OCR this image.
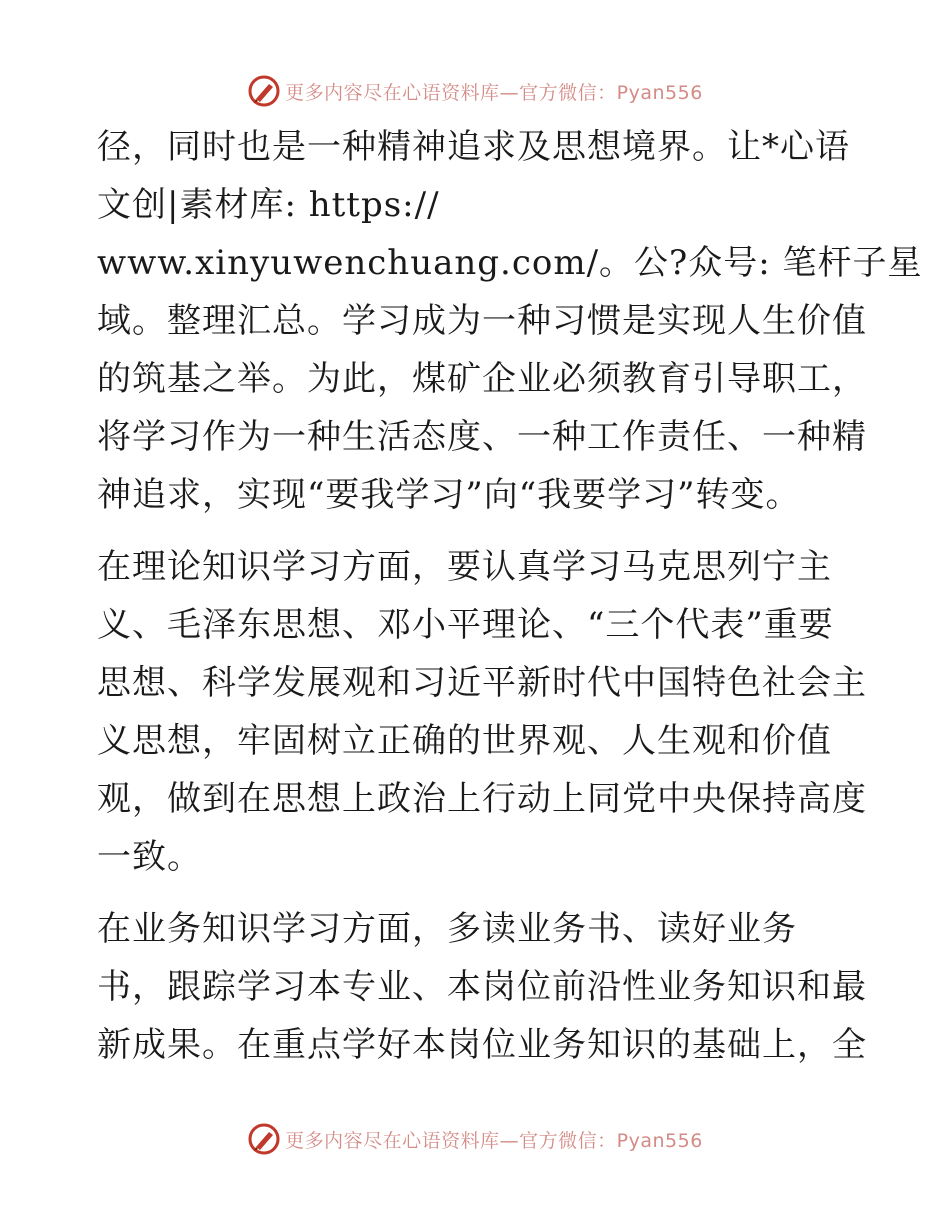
更多内容尽在心语资料库—官方微信：Pyan556
径，同时也是一种精神追求及思想境界。让*心语
文创|素材库: https://
www.xinyuwenchuang.com/。公?众号: 笔杆子星
域。整理汇总。学习成为一种习惯是实现人生价值
的筑基之举。为此，煤矿企业必须教育引导职工，
将学习作为一种生活态度、一种工作责任、一种精
神追求，实现“要我学习”向“我要学习”转变。
在理论知识学习方面，要认真学习马克思列宁主
义、毛泽东思想、邓小平理论、“三个代表”重要
思想、科学发展观和习近平新时代中国特色社会主
义思想，牢固树立正确的世界观、人生观和价值
观，做到在思想上政治上行动上同党中央保持高度
一致。
在业务知识学习方面，多读业务书、读好业务
书，跟踪学习本专业、本岗位前沿性业务知识和最
新成果。在重点学好本岗位业务知识的基础上，全
更多内容尽在心语资料库—官方微信：Pyan556
